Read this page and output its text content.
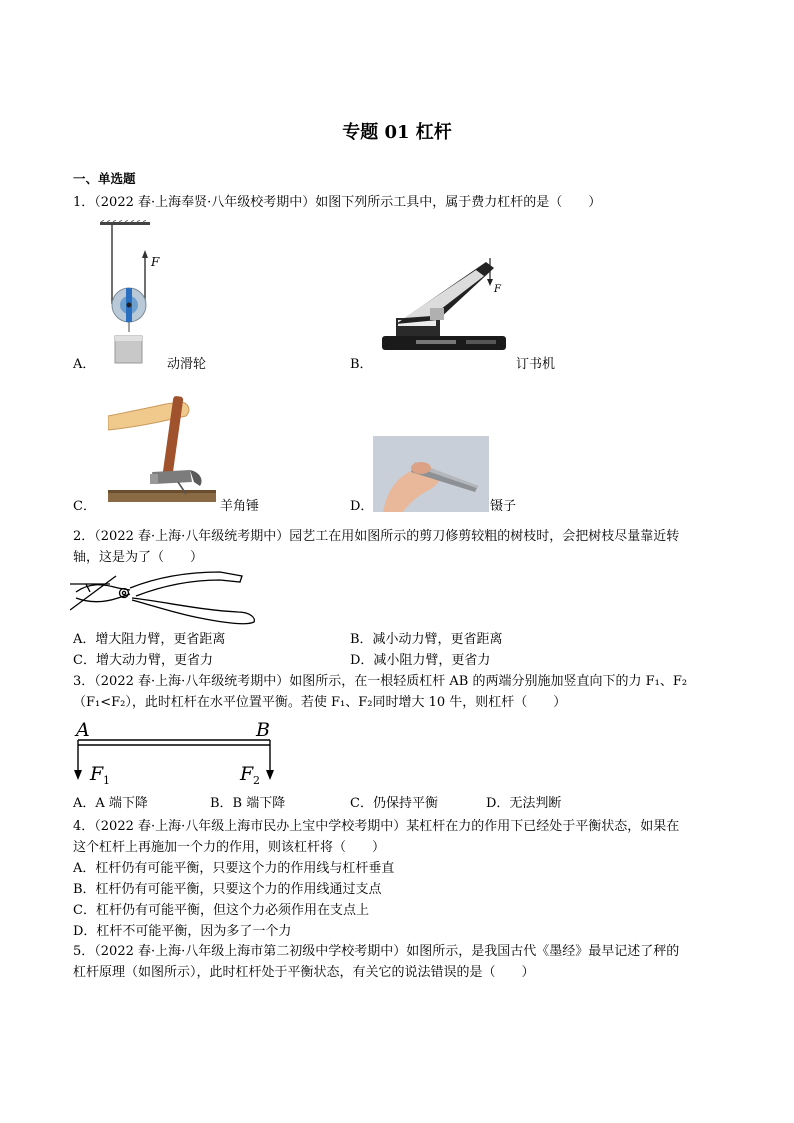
专题 01 杠杆
一、单选题
1．（2022 春·上海奉贤·八年级校考期中）如图下列所示工具中，属于费力杠杆的是（　　）
F
A．	动滑轮
F
B．	订书机
C．	羊角锤	D．	镊子
2．（2022 春·上海·八年级统考期中）园艺工在用如图所示的剪刀修剪较粗的树枝时，会把树枝尽量靠近转
轴，这是为了（　　）
A．增大阻力臂，更省距离	B．减小动力臂，更省距离
C．增大动力臂，更省力	D．减小阻力臂，更省力
3．（2022 春·上海·八年级统考期中）如图所示，在一根轻质杠杆 AB 的两端分别施加竖直向下的力 F₁、F₂
（F₁<F₂），此时杠杆在水平位置平衡。若使 F₁、F₂同时增大 10 牛，则杠杆（　　）
A	B
F 1	F 2
A．A 端下降	B．B 端下降	C．仍保持平衡	D．无法判断
4．（2022 春·上海·八年级上海市民办上宝中学校考期中）某杠杆在力的作用下已经处于平衡状态，如果在
这个杠杆上再施加一个力的作用，则该杠杆将（　　）
A．杠杆仍有可能平衡，只要这个力的作用线与杠杆垂直
B．杠杆仍有可能平衡，只要这个力的作用线通过支点
C．杠杆仍有可能平衡，但这个力必须作用在支点上
D．杠杆不可能平衡，因为多了一个力
5．（2022 春·上海·八年级上海市第二初级中学校考期中）如图所示，是我国古代《墨经》最早记述了秤的
杠杆原理（如图所示），此时杠杆处于平衡状态，有关它的说法错误的是（　　）
